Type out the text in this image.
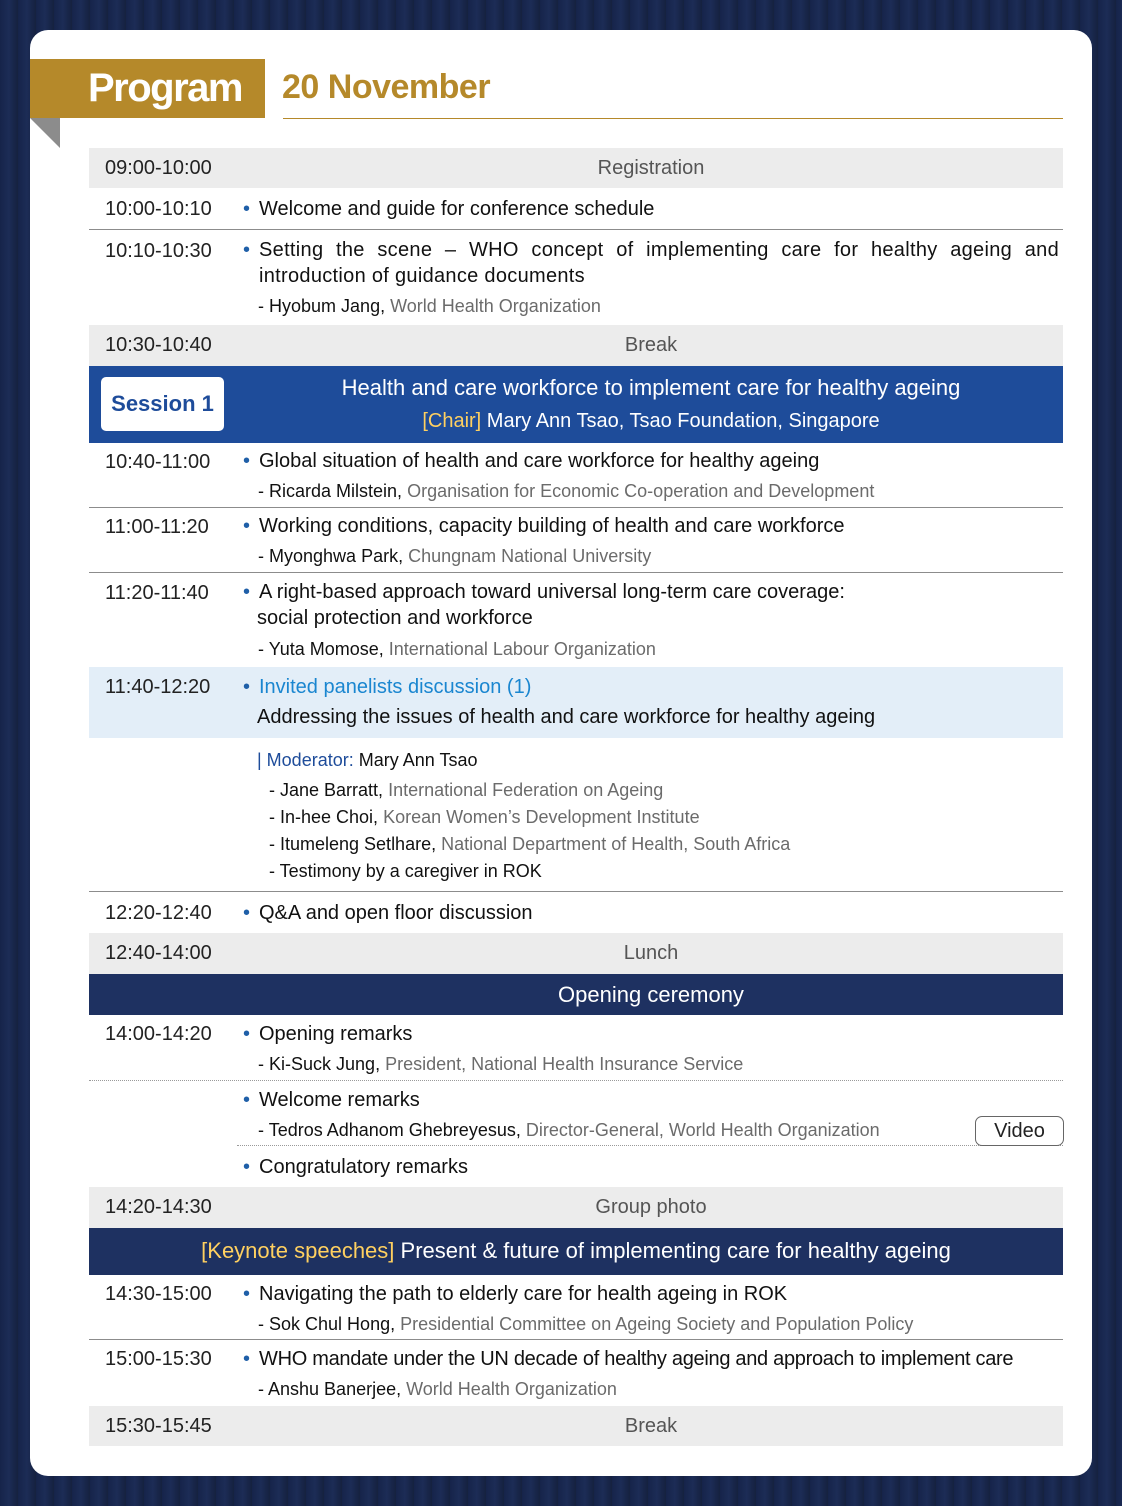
Program	20 November
09:00-10:00	Registration
10:00-10:10 • Welcome and guide for conference schedule
10:10-10:30 • Setting the scene – WHO concept of implementing care for healthy ageing and introduction of guidance documents
- Hyobum Jang, World Health Organization
10:30-10:40	Break
Session 1
Health and care workforce to implement care for healthy ageing
[Chair] Mary Ann Tsao, Tsao Foundation, Singapore
10:40-11:00 • Global situation of health and care workforce for healthy ageing
- Ricarda Milstein, Organisation for Economic Co-operation and Development
11:00-11:20 • Working conditions, capacity building of health and care workforce
- Myonghwa Park, Chungnam National University
11:20-11:40 • A right-based approach toward universal long-term care coverage:
social protection and workforce
- Yuta Momose, International Labour Organization
11:40-12:20 • Invited panelists discussion (1)
Addressing the issues of health and care workforce for healthy ageing
| Moderator: Mary Ann Tsao
- Jane Barratt, International Federation on Ageing
- In-hee Choi, Korean Women’s Development Institute
- Itumeleng Setlhare, National Department of Health, South Africa
- Testimony by a caregiver in ROK
12:20-12:40 • Q&A and open floor discussion
12:40-14:00	Lunch
Opening ceremony
14:00-14:20 • Opening remarks
- Ki-Suck Jung, President, National Health Insurance Service
• Welcome remarks
- Tedros Adhanom Ghebreyesus, Director-General, World Health Organization	Video
• Congratulatory remarks
14:20-14:30	Group photo
[Keynote speeches] Present & future of implementing care for healthy ageing
14:30-15:00 • Navigating the path to elderly care for health ageing in ROK
- Sok Chul Hong, Presidential Committee on Ageing Society and Population Policy
15:00-15:30 • WHO mandate under the UN decade of healthy ageing and approach to implement care
- Anshu Banerjee, World Health Organization
15:30-15:45	Break
